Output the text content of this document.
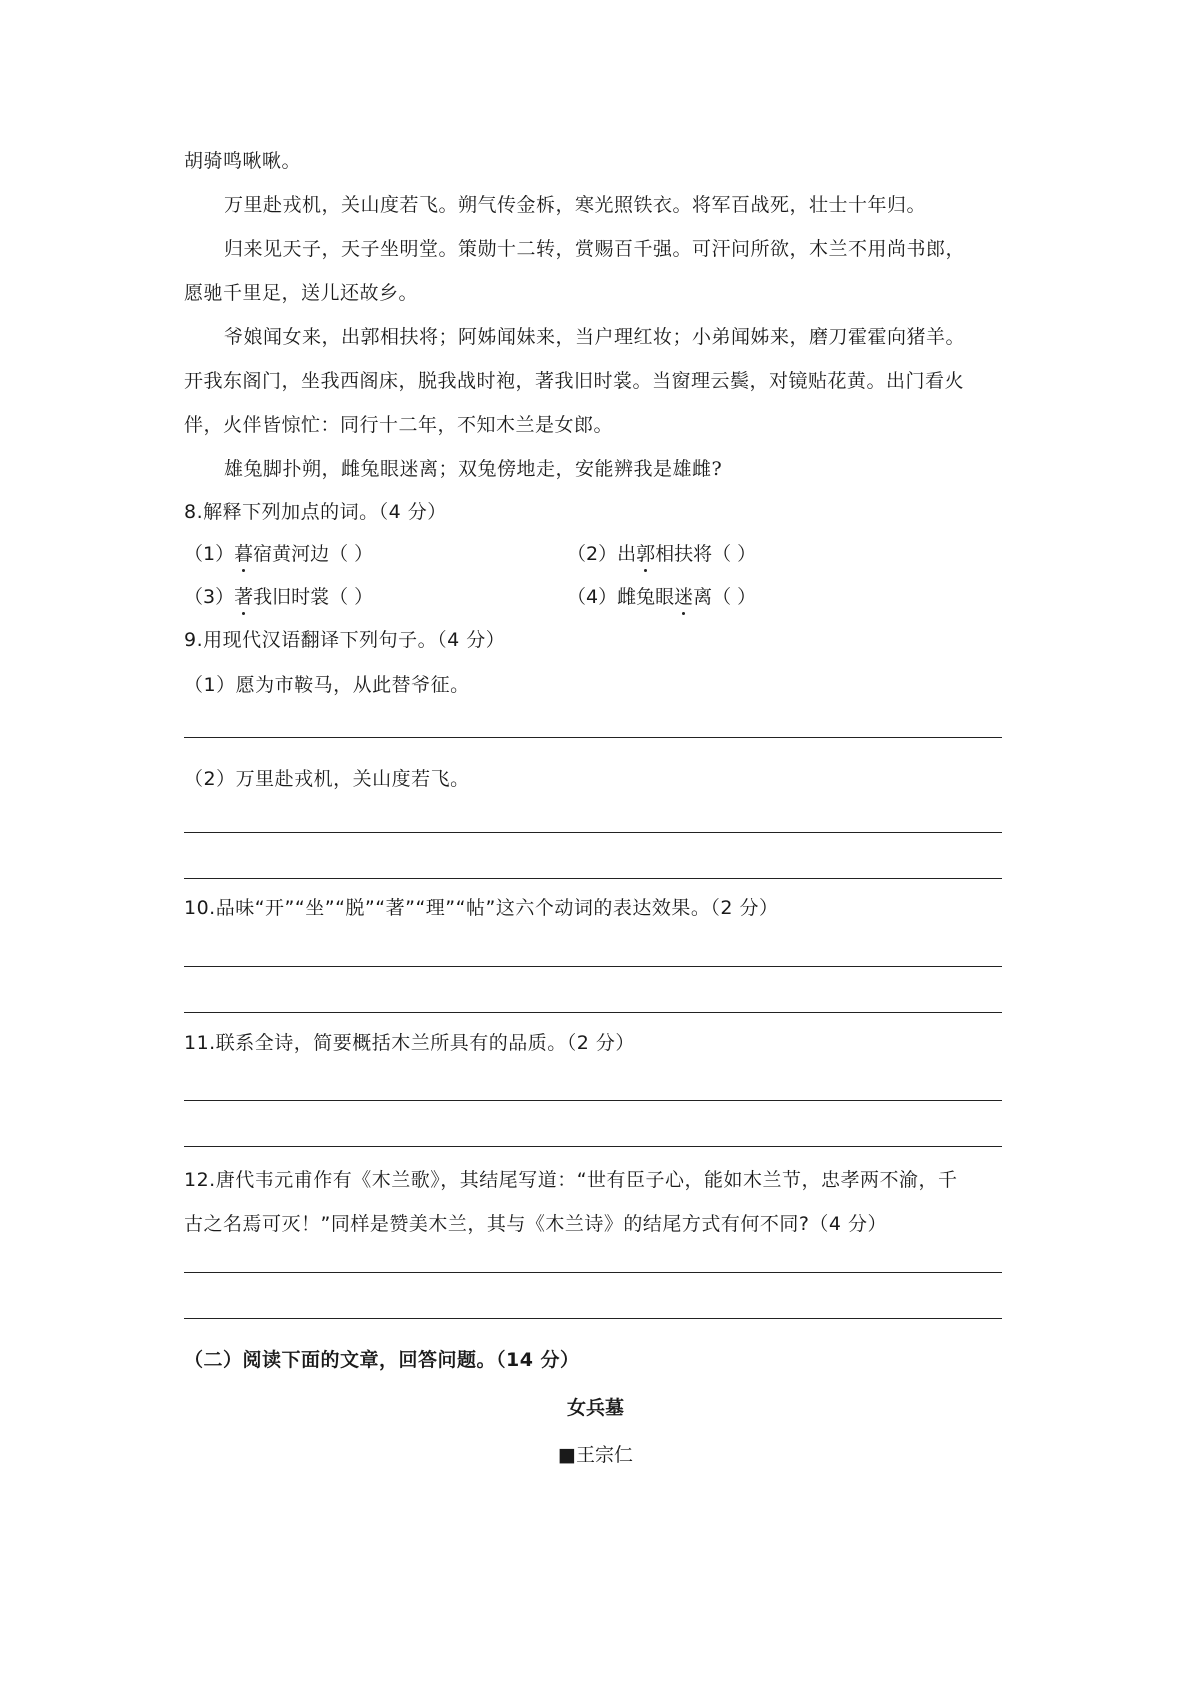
胡骑鸣啾啾。
万里赴戎机，关山度若飞。朔气传金柝，寒光照铁衣。将军百战死，壮士十年归。
归来见天子，天子坐明堂。策勋十二转，赏赐百千强。可汗问所欲，木兰不用尚书郎，
愿驰千里足，送儿还故乡。
爷娘闻女来，出郭相扶将；阿姊闻妹来，当户理红妆；小弟闻姊来，磨刀霍霍向猪羊。
开我东阁门，坐我西阁床，脱我战时袍，著我旧时裳。当窗理云鬓，对镜贴花黄。出门看火
伴，火伴皆惊忙：同行十二年，不知木兰是女郎。
雄兔脚扑朔，雌兔眼迷离；双兔傍地走，安能辨我是雄雌?
8.解释下列加点的词。（4 分）
（1）暮宿黄河边（ ）	（2）出郭相扶将（ ）
（3）著我旧时裳（ ）	（4）雌兔眼迷离（ ）
9.用现代汉语翻译下列句子。（4 分）
（1）愿为市鞍马，从此替爷征。
（2）万里赴戎机，关山度若飞。
10.品味“开”“坐”“脱”“著”“理”“帖”这六个动词的表达效果。（2 分）
11.联系全诗，简要概括木兰所具有的品质。（2 分）
12.唐代韦元甫作有《木兰歌》，其结尾写道：“世有臣子心，能如木兰节，忠孝两不渝，千
古之名焉可灭！”同样是赞美木兰，其与《木兰诗》的结尾方式有何不同?（4 分）
（二）阅读下面的文章，回答问题。（14 分）
女兵墓
■王宗仁
